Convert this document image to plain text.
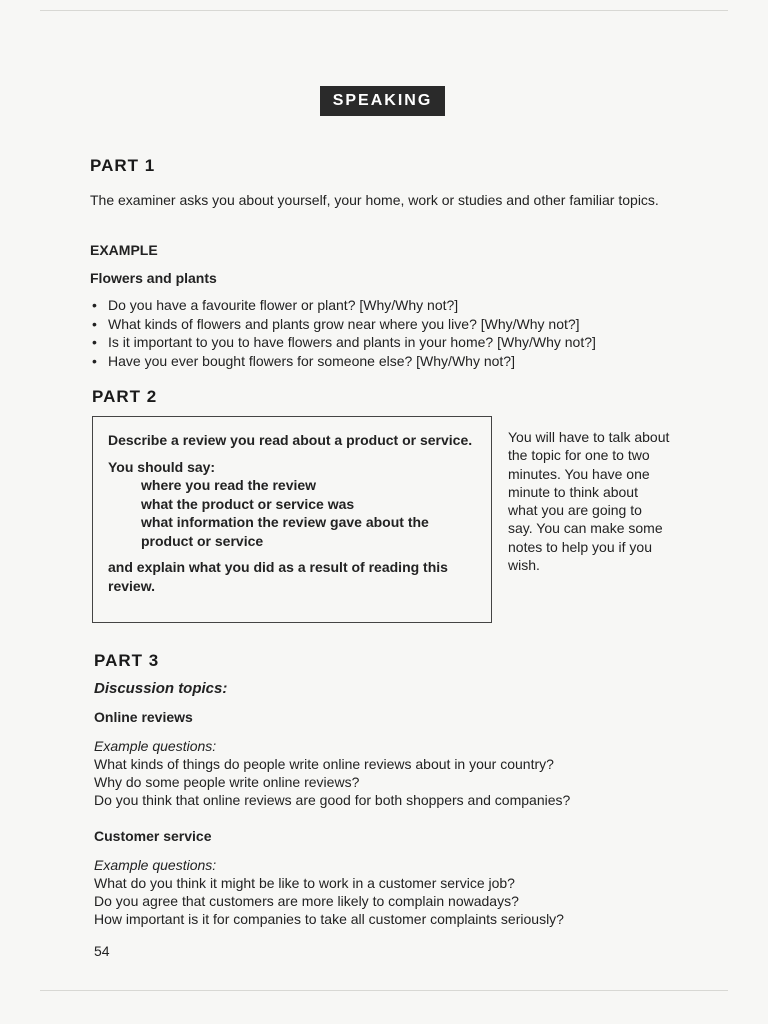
SPEAKING
PART 1
The examiner asks you about yourself, your home, work or studies and other familiar topics.
EXAMPLE
Flowers and plants
• Do you have a favourite flower or plant? [Why/Why not?]
• What kinds of flowers and plants grow near where you live? [Why/Why not?]
• Is it important to you to have flowers and plants in your home? [Why/Why not?]
• Have you ever bought flowers for someone else? [Why/Why not?]
PART 2
Describe a review you read about a product or service.
You should say:
where you read the review
what the product or service was
what information the review gave about the product or service
and explain what you did as a result of reading this review.
You will have to talk about the topic for one to two minutes. You have one minute to think about what you are going to say. You can make some notes to help you if you wish.
PART 3
Discussion topics:
Online reviews
Example questions:
What kinds of things do people write online reviews about in your country?
Why do some people write online reviews?
Do you think that online reviews are good for both shoppers and companies?
Customer service
Example questions:
What do you think it might be like to work in a customer service job?
Do you agree that customers are more likely to complain nowadays?
How important is it for companies to take all customer complaints seriously?
54
